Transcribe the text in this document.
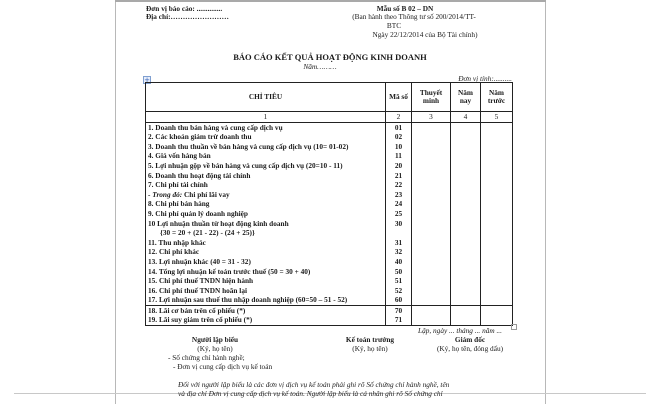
Đơn vị báo cáo: ..............
Địa chỉ:……………………
Mẫu số B 02 – DN
(Ban hành theo Thông tư số 200/2014/TT-
BTC
Ngày 22/12/2014 của Bộ Tài chính)
BÁO CÁO KẾT QUẢ HOẠT ĐỘNG KINH DOANH
Năm………
Đơn vị tính:..........
+
CHỈ TIÊU	Mã số	Thuyết minh	Năm nay	Năm trước
1	2	3	4	5
1. Doanh thu bán hàng và cung cấp dịch vụ	01			
2. Các khoản giảm trừ doanh thu	02			
3. Doanh thu thuần về bán hàng và cung cấp dịch vụ (10= 01-02)	10			
4. Giá vốn hàng bán	11			
5. Lợi nhuận gộp về bán hàng và cung cấp dịch vụ (20=10 - 11)	20			
6. Doanh thu hoạt động tài chính	21			
7. Chi phí tài chính	22			
- Trong đó: Chi phí lãi vay	23			
8. Chi phí bán hàng	24			
9. Chi phí quản lý doanh nghiệp	25			
10 Lợi nhuận thuần từ hoạt động kinh doanh	30			
{30 = 20 + (21 - 22) - (24 + 25)}				
11. Thu nhập khác	31			
12. Chi phí khác	32			
13. Lợi nhuận khác (40 = 31 - 32)	40			
14. Tổng lợi nhuận kế toán trước thuế (50 = 30 + 40)	50			
15. Chi phí thuế TNDN hiện hành	51			
16. Chi phí thuế TNDN hoãn lại	52			
17. Lợi nhuận sau thuế thu nhập doanh nghiệp (60=50 – 51 - 52)	60			
18. Lãi cơ bản trên cổ phiếu (*)	70			
19. Lãi suy giảm trên cổ phiếu (*)	71			
Lập, ngày ... tháng ... năm ...
Người lập biểu
(Ký, họ tên)
Kế toán trưởng
(Ký, họ tên)
Giám đốc
(Ký, họ tên, đóng dấu)
- Số chứng chỉ hành nghề;
- Đơn vị cung cấp dịch vụ kế toán
Đối với người lập biểu là các đơn vị dịch vụ kế toán phải ghi rõ Số chứng chỉ hành nghề, tên
và địa chỉ Đơn vị cung cấp dịch vụ kế toán. Người lập biểu là cá nhân ghi rõ Số chứng chỉ
